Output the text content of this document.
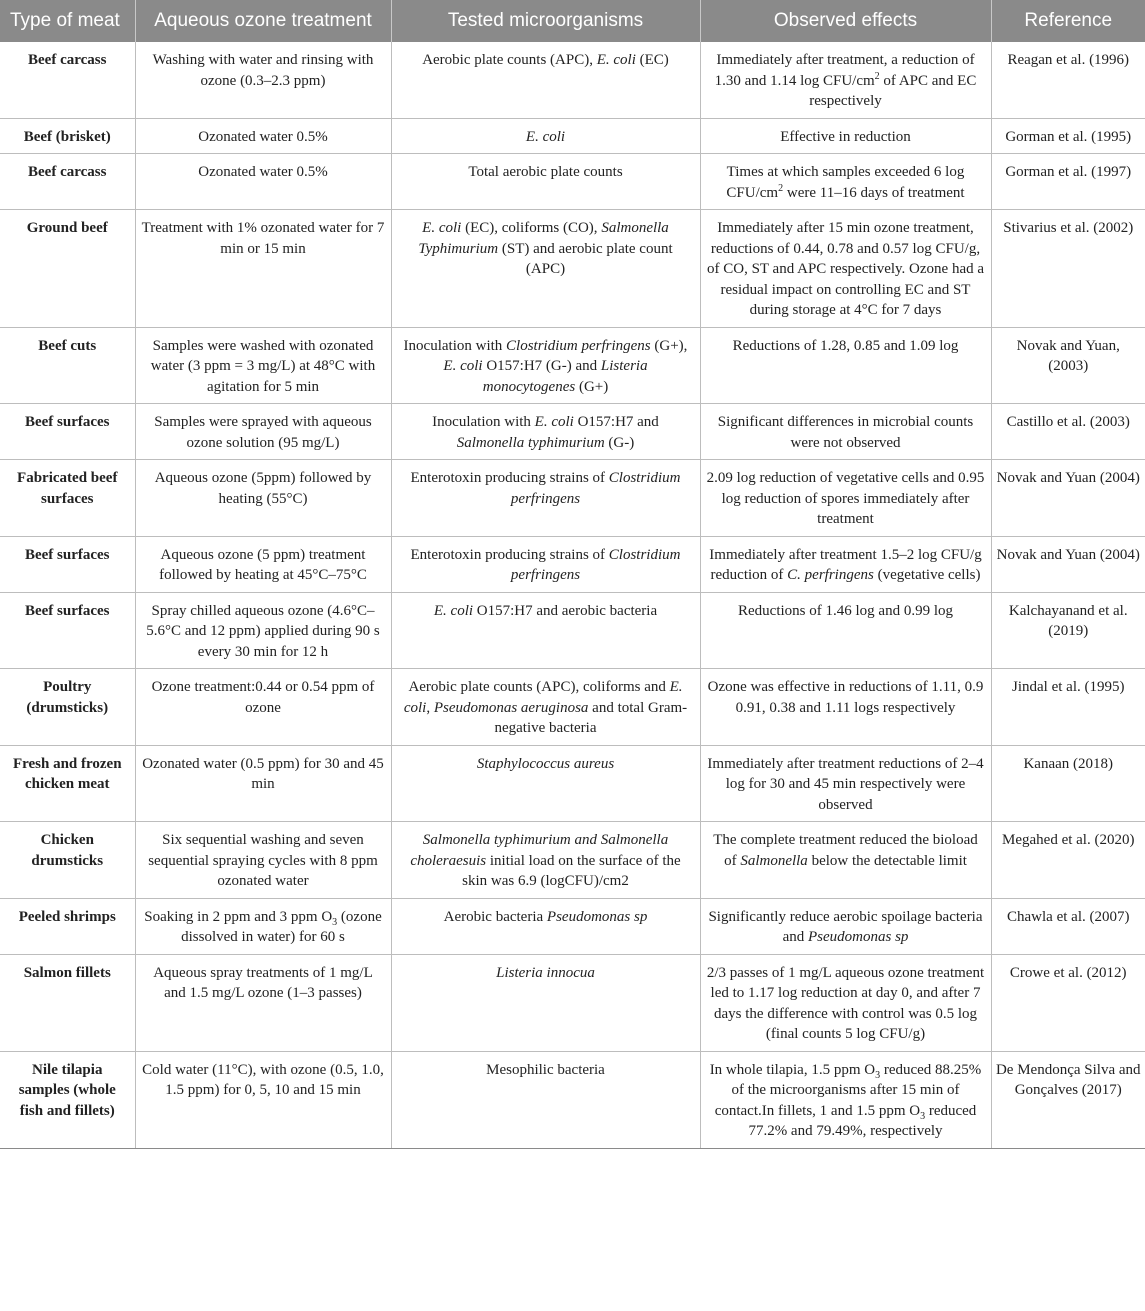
Type of meat	Aqueous ozone treatment	Tested microorganisms	Observed effects	Reference
Beef carcass	Washing with water and rinsing with ozone (0.3–2.3 ppm)	Aerobic plate counts (APC), E. coli (EC)	Immediately after treatment, a reduction of 1.30 and 1.14 log CFU/$cm^2$ of APC and EC respectively	Reagan et al. (1996)
Beef (brisket)	Ozonated water 0.5%	E. coli	Effective in reduction	Gorman et al. (1995)
Beef carcass	Ozonated water 0.5%	Total aerobic plate counts	Times at which samples exceeded 6 log CFU/$cm^2$ were 11–16 days of treatment	Gorman et al. (1997)
Ground beef	Treatment with 1% ozonated water for 7 min or 15 min	E. coli (EC), coliforms (CO), Salmonella Typhimurium (ST) and aerobic plate count (APC)	Immediately after 15 min ozone treatment, reductions of 0.44, 0.78 and 0.57 log CFU/g, of CO, ST and APC respectively. Ozone had a residual impact on controlling EC and ST during storage at 4°C for 7 days	Stivarius et al. (2002)
Beef cuts	Samples were washed with ozonated water (3 ppm = 3 mg/L) at 48°C with agitation for 5 min	Inoculation with Clostridium perfringens (G+), E. coli O157:H7 (G-) and Listeria monocytogenes (G+)	Reductions of 1.28, 0.85 and 1.09 log	Novak and Yuan, (2003)
Beef surfaces	Samples were sprayed with aqueous ozone solution (95 mg/L)	Inoculation with E. coli O157:H7 and Salmonella typhimurium (G-)	Significant differences in microbial counts were not observed	Castillo et al. (2003)
Fabricated beef surfaces	Aqueous ozone (5ppm) followed by heating (55°C)	Enterotoxin producing strains of Clostridium perfringens	2.09 log reduction of vegetative cells and 0.95 log reduction of spores immediately after treatment	Novak and Yuan (2004)
Beef surfaces	Aqueous ozone (5 ppm) treatment followed by heating at 45°C–75°C	Enterotoxin producing strains of Clostridium perfringens	Immediately after treatment 1.5–2 log CFU/g reduction of C. perfringens (vegetative cells)	Novak and Yuan (2004)
Beef surfaces	Spray chilled aqueous ozone (4.6°C–5.6°C and 12 ppm) applied during 90 s every 30 min for 12 h	E. coli O157:H7 and aerobic bacteria	Reductions of 1.46 log and 0.99 log	Kalchayanand et al. (2019)
Poultry (drumsticks)	Ozone treatment:0.44 or 0.54 ppm of ozone	Aerobic plate counts (APC), coliforms and E. coli, Pseudomonas aeruginosa and total Gram-negative bacteria	Ozone was effective in reductions of 1.11, 0.9 0.91, 0.38 and 1.11 logs respectively	Jindal et al. (1995)
Fresh and frozen chicken meat	Ozonated water (0.5 ppm) for 30 and 45 min	Staphylococcus aureus	Immediately after treatment reductions of 2–4 log for 30 and 45 min respectively were observed	Kanaan (2018)
Chicken drumsticks	Six sequential washing and seven sequential spraying cycles with 8 ppm ozonated water	Salmonella typhimurium and Salmonella choleraesuis initial load on the surface of the skin was 6.9 (logCFU)/cm2	The complete treatment reduced the bioload of Salmonella below the detectable limit	Megahed et al. (2020)
Peeled shrimps	Soaking in 2 ppm and 3 ppm $O_3$ (ozone dissolved in water) for 60 s	Aerobic bacteria Pseudomonas sp	Significantly reduce aerobic spoilage bacteria and Pseudomonas sp	Chawla et al. (2007)
Salmon fillets	Aqueous spray treatments of 1 mg/L and 1.5 mg/L ozone (1–3 passes)	Listeria innocua	2/3 passes of 1 mg/L aqueous ozone treatment led to 1.17 log reduction at day 0, and after 7 days the difference with control was 0.5 log (final counts 5 log CFU/g)	Crowe et al. (2012)
Nile tilapia samples (whole fish and fillets)	Cold water (11°C), with ozone (0.5, 1.0, 1.5 ppm) for 0, 5, 10 and 15 min	Mesophilic bacteria	In whole tilapia, 1.5 ppm $O_3$ reduced 88.25% of the microorganisms after 15 min of contact.In fillets, 1 and 1.5 ppm $O_3$ reduced 77.2% and 79.49%, respectively	De Mendonça Silva and Gonçalves (2017)
